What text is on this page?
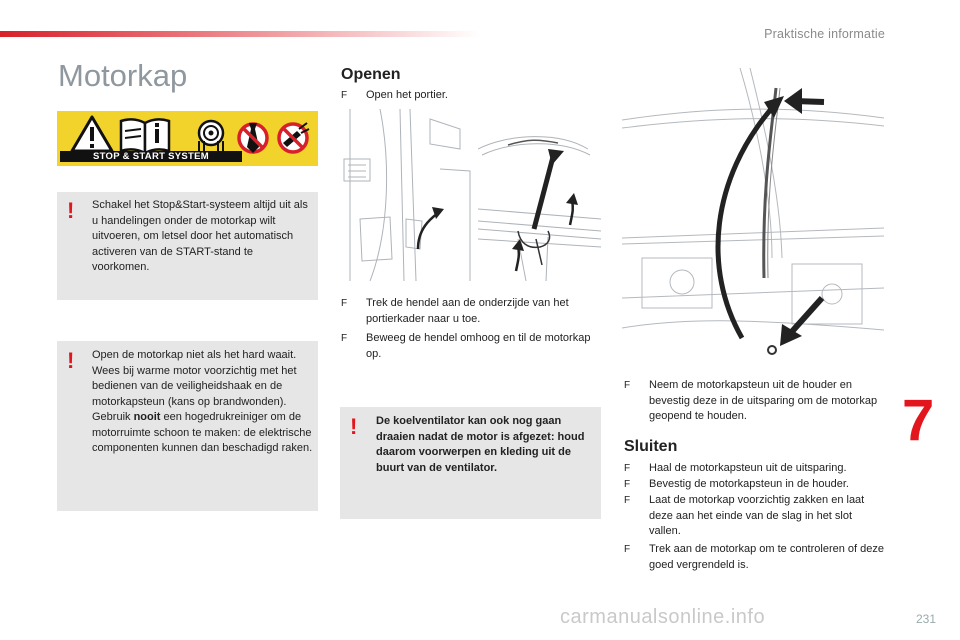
Praktische informatie
Motorkap
STOP & START SYSTEM
! Schakel het Stop&Start-systeem altijd uit als u handelingen onder de motorkap wilt uitvoeren, om letsel door het automatisch activeren van de START-stand te voorkomen.
! Open de motorkap niet als het hard waait. Wees bij warme motor voorzichtig met het bedienen van de veiligheidshaak en de motorkapsteun (kans op brandwonden).
Gebruik nooit een hogedrukreiniger om de motorruimte schoon te maken: de elektrische componenten kunnen dan beschadigd raken.
Openen
F	Open het portier.
F	Trek de hendel aan de onderzijde van het portierkader naar u toe.
F	Beweeg de hendel omhoog en til de motorkap op.
! De koelventilator kan ook nog gaan draaien nadat de motor is afgezet: houd daarom voorwerpen en kleding uit de buurt van de ventilator.
F	Neem de motorkapsteun uit de houder en bevestig deze in de uitsparing om de motorkap geopend te houden.
Sluiten
F	Haal de motorkapsteun uit de uitsparing.
F	Bevestig de motorkapsteun in de houder.
F	Laat de motorkap voorzichtig zakken en laat deze aan het einde van de slag in het slot vallen.
F	Trek aan de motorkap om te controleren of deze goed vergrendeld is.
7
carmanualsonline.info	231
